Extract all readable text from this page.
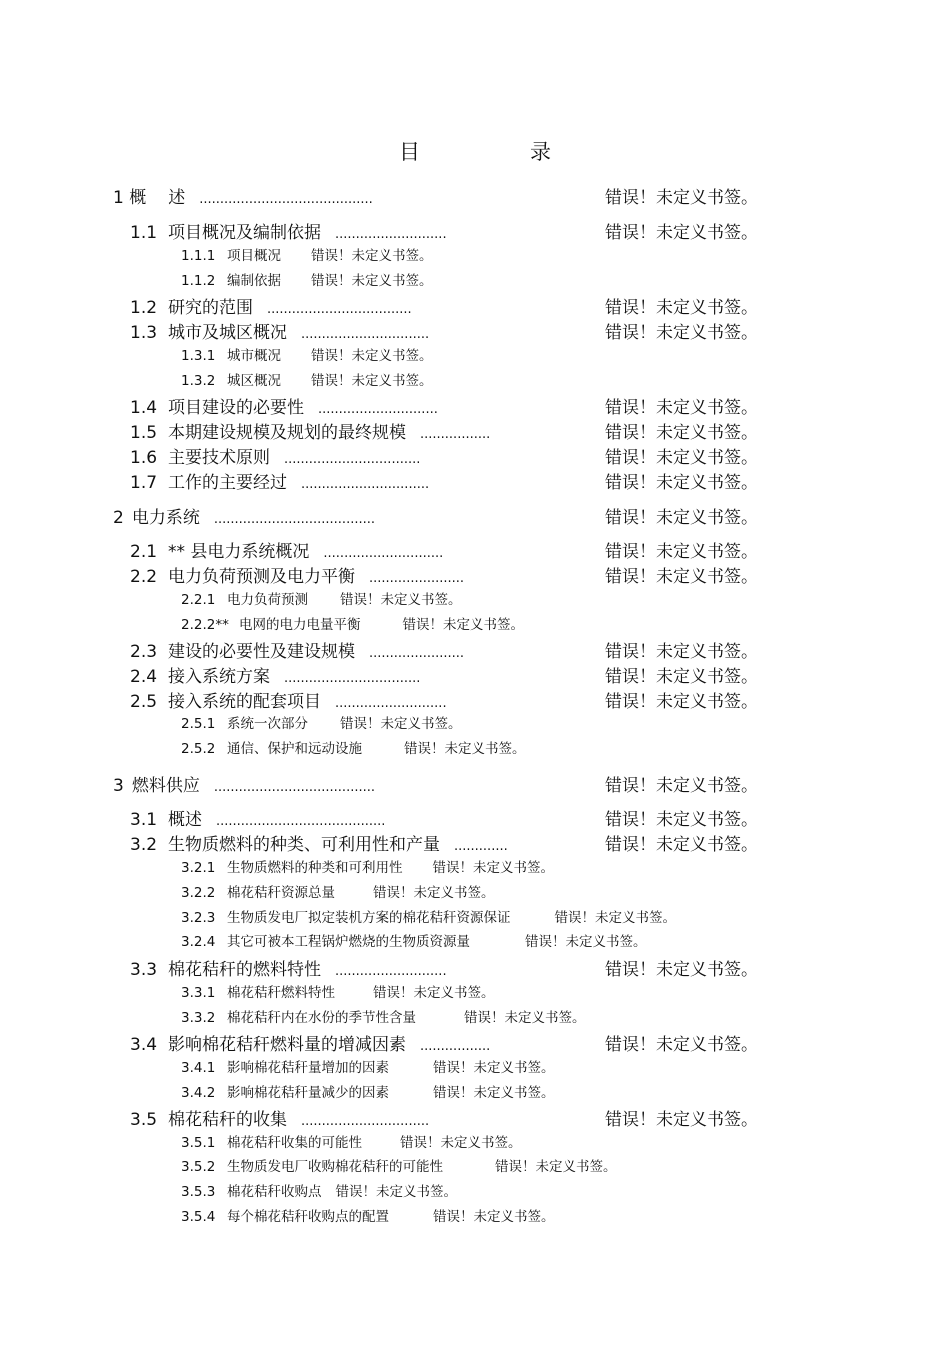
目	录
1 概 述 ..........................................	错误！未定义书签。
1.1 项目概况及编制依据 ...........................	错误！未定义书签。
1.1.1 项目概况 错误！未定义书签。
1.1.2 编制依据 错误！未定义书签。
1.2 研究的范围 ...................................	错误！未定义书签。
1.3 城市及城区概况 ...............................	错误！未定义书签。
1.3.1 城市概况 错误！未定义书签。
1.3.2 城区概况 错误！未定义书签。
1.4 项目建设的必要性 .............................	错误！未定义书签。
1.5 本期建设规模及规划的最终规模 .................	错误！未定义书签。
1.6 主要技术原则 .................................	错误！未定义书签。
1.7 工作的主要经过 ...............................	错误！未定义书签。
2 电力系统 .......................................	错误！未定义书签。
2.1 ** 县电力系统概况 .............................	错误！未定义书签。
2.2 电力负荷预测及电力平衡 .......................	错误！未定义书签。
2.2.1 电力负荷预测 错误！未定义书签。
2.2.2** 电网的电力电量平衡	错误！未定义书签。
2.3 建设的必要性及建设规模 .......................	错误！未定义书签。
2.4 接入系统方案 .................................	错误！未定义书签。
2.5 接入系统的配套项目 ...........................	错误！未定义书签。
2.5.1 系统一次部分 错误！未定义书签。
2.5.2 通信、保护和远动设施	错误！未定义书签。
3 燃料供应 .......................................	错误！未定义书签。
3.1 概述 .........................................	错误！未定义书签。
3.2 生物质燃料的种类、可利用性和产量 .............	错误！未定义书签。
3.2.1 生物质燃料的种类和可利用性 错误！未定义书签。
3.2.2 棉花秸秆资源总量	错误！未定义书签。
3.2.3 生物质发电厂拟定装机方案的棉花秸秆资源保证	错误！未定义书签。
3.2.4 其它可被本工程锅炉燃烧的生物质资源量	错误！未定义书签。
3.3 棉花秸秆的燃料特性 ...........................	错误！未定义书签。
3.3.1 棉花秸秆燃料特性	错误！未定义书签。
3.3.2 棉花秸秆内在水份的季节性含量	错误！未定义书签。
3.4 影响棉花秸秆燃料量的增减因素 .................	错误！未定义书签。
3.4.1 影响棉花秸秆量增加的因素	错误！未定义书签。
3.4.2 影响棉花秸秆量减少的因素	错误！未定义书签。
3.5 棉花秸秆的收集 ...............................	错误！未定义书签。
3.5.1 棉花秸秆收集的可能性	错误！未定义书签。
3.5.2 生物质发电厂收购棉花秸秆的可能性	错误！未定义书签。
3.5.3 棉花秸秆收购点 错误！未定义书签。
3.5.4 每个棉花秸秆收购点的配置	错误！未定义书签。
